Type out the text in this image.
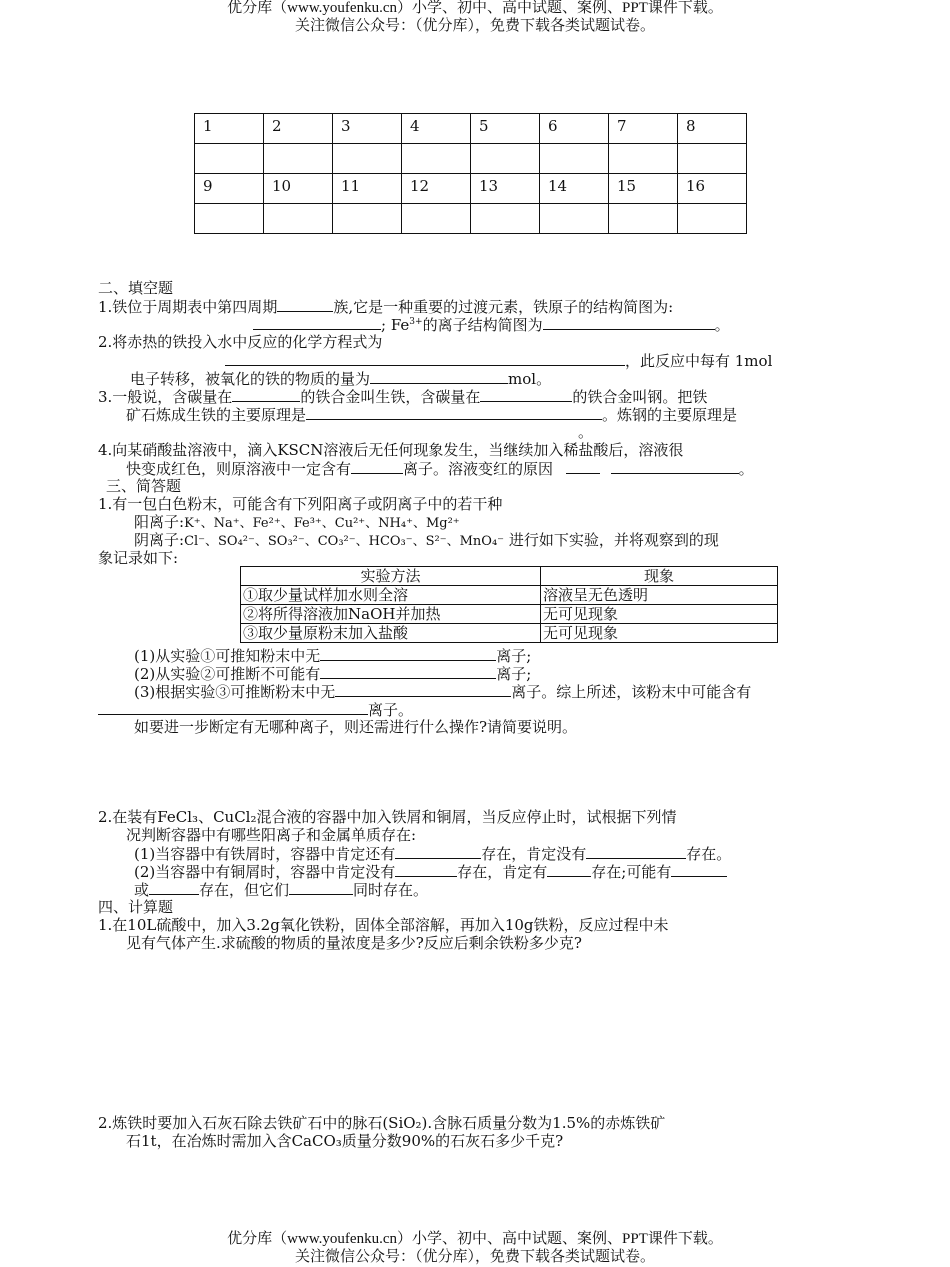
优分库（www.youfenku.cn）小学、初中、高中试题、案例、PPT课件下载。
关注微信公众号：（优分库），免费下载各类试题试卷。
1	2	3	4	5	6	7	8

9	10	11	12	13	14	15	16

二、填空题
1.铁位于周期表中第四周期	族,它是一种重要的过渡元素，铁原子的结构简图为:
; $Fe^{3+}$的离子结构简图为	。
2.将赤热的铁投入水中反应的化学方程式为
，此反应中每有 1mol
电子转移，被氧化的铁的物质的量为	mol。
3.一般说，含碳量在	的铁合金叫生铁，含碳量在	的铁合金叫钢。把铁
矿石炼成生铁的主要原理是	。炼钢的主要原理是
。
4.向某硝酸盐溶液中，滴入KSCN溶液后无任何现象发生，当继续加入稀盐酸后，溶液很
快变成红色，则原溶液中一定含有	离子。溶液变红的原因	。
三、简答题
1.有一包白色粉末，可能含有下列阳离子或阴离子中的若干种
阳离子:K⁺、Na⁺、Fe²⁺、Fe³⁺、Cu²⁺、NH₄⁺、Mg²⁺
阴离子:Cl⁻、SO₄²⁻、SO₃²⁻、CO₃²⁻、HCO₃⁻、S²⁻、MnO₄⁻ 进行如下实验，并将观察到的现
象记录如下:
实验方法	现象
①取少量试样加水则全溶	溶液呈无色透明
②将所得溶液加NaOH并加热	无可见现象
③取少量原粉末加入盐酸	无可见现象
(1)从实验①可推知粉末中无	离子;
(2)从实验②可推断不可能有	离子;
(3)根据实验③可推断粉末中无	离子。综上所述，该粉末中可能含有
离子。
如要进一步断定有无哪种离子，则还需进行什么操作?请简要说明。
2.在装有FeCl₃、CuCl₂混合液的容器中加入铁屑和铜屑，当反应停止时，试根据下列情
况判断容器中有哪些阳离子和金属单质存在:
(1)当容器中有铁屑时，容器中肯定还有	存在，肯定没有	存在。
(2)当容器中有铜屑时，容器中肯定没有	存在，肯定有	存在;可能有
或	存在，但它们	同时存在。
四、计算题
1.在10L硫酸中，加入3.2g氧化铁粉，固体全部溶解，再加入10g铁粉，反应过程中未
见有气体产生.求硫酸的物质的量浓度是多少?反应后剩余铁粉多少克?
2.炼铁时要加入石灰石除去铁矿石中的脉石(SiO₂).含脉石质量分数为1.5%的赤炼铁矿
石1t，在冶炼时需加入含CaCO₃质量分数90%的石灰石多少千克?
优分库（www.youfenku.cn）小学、初中、高中试题、案例、PPT课件下载。
关注微信公众号：（优分库），免费下载各类试题试卷。
